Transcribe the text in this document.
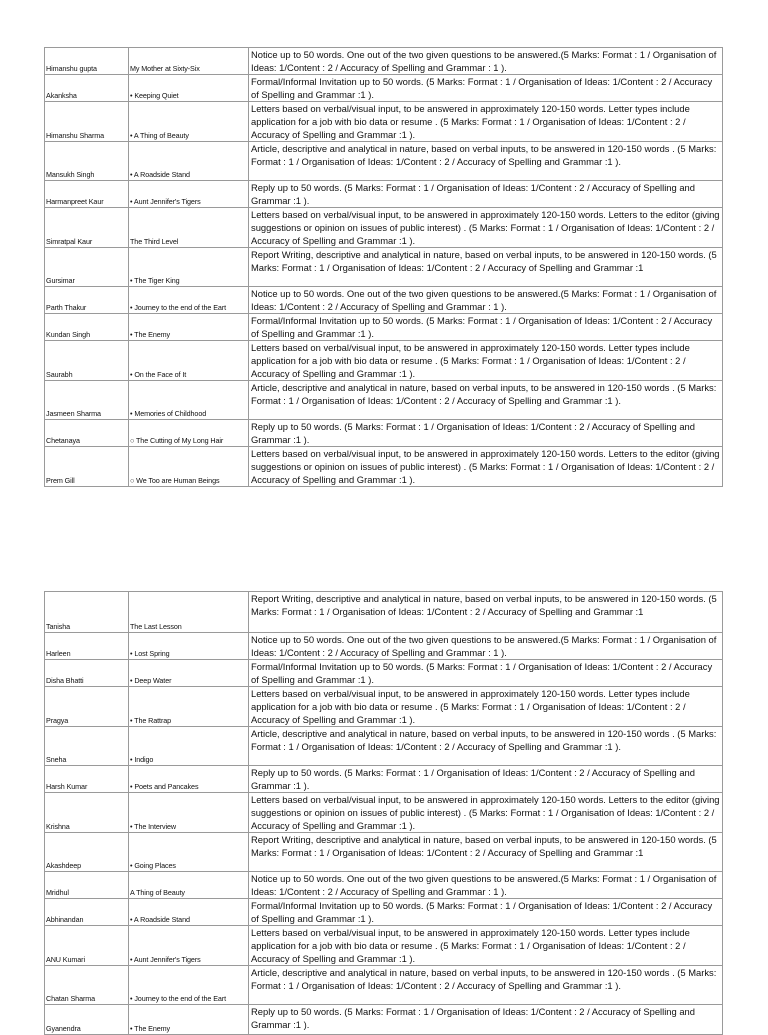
Himanshu gupta	My Mother at Sixty-Six	Notice up to 50 words. One out of the two given questions to be answered.(5 Marks: Format : 1 / Organisation of Ideas: 1/Content : 2 / Accuracy of Spelling and Grammar : 1 ).
Akanksha	• Keeping Quiet	Formal/Informal Invitation up to 50 words. (5 Marks: Format : 1 / Organisation of Ideas: 1/Content : 2 / Accuracy of Spelling and Grammar :1 ).
Himanshu Sharma	• A Thing of Beauty	Letters based on verbal/visual input, to be answered in approximately 120-150 words. Letter types include application for a job with bio data or resume . (5 Marks: Format : 1 / Organisation of Ideas: 1/Content : 2 / Accuracy of Spelling and Grammar :1 ).
Mansukh Singh	• A Roadside Stand	Article, descriptive and analytical in nature, based on verbal inputs, to be answered in 120-150 words . (5 Marks: Format : 1 / Organisation of Ideas: 1/Content : 2 / Accuracy of Spelling and Grammar :1 ).
Harmanpreet Kaur	• Aunt Jennifer's Tigers	Reply up to 50 words. (5 Marks: Format : 1 / Organisation of Ideas: 1/Content : 2 / Accuracy of Spelling and Grammar :1 ).
Simratpal Kaur	The Third Level	Letters based on verbal/visual input, to be answered in approximately 120-150 words. Letters to the editor (giving suggestions or opinion on issues of public interest) . (5 Marks: Format : 1 / Organisation of Ideas: 1/Content : 2 / Accuracy of Spelling and Grammar :1 ).
Gursimar	• The Tiger King	Report Writing, descriptive and analytical in nature, based on verbal inputs, to be answered in 120-150 words. (5 Marks: Format : 1 / Organisation of Ideas: 1/Content : 2 / Accuracy of Spelling and Grammar :1
Parth Thakur	• Journey to the end of the Eart	Notice up to 50 words. One out of the two given questions to be answered.(5 Marks: Format : 1 / Organisation of Ideas: 1/Content : 2 / Accuracy of Spelling and Grammar : 1 ).
Kundan Singh	• The Enemy	Formal/Informal Invitation up to 50 words. (5 Marks: Format : 1 / Organisation of Ideas: 1/Content : 2 / Accuracy of Spelling and Grammar :1 ).
Saurabh	• On the Face of It	Letters based on verbal/visual input, to be answered in approximately 120-150 words. Letter types include application for a job with bio data or resume . (5 Marks: Format : 1 / Organisation of Ideas: 1/Content : 2 / Accuracy of Spelling and Grammar :1 ).
Jasmeen Sharma	• Memories of Childhood	Article, descriptive and analytical in nature, based on verbal inputs, to be answered in 120-150 words . (5 Marks: Format : 1 / Organisation of Ideas: 1/Content : 2 / Accuracy of Spelling and Grammar :1 ).
Chetanaya	○ The Cutting of My Long Hair	Reply up to 50 words. (5 Marks: Format : 1 / Organisation of Ideas: 1/Content : 2 / Accuracy of Spelling and Grammar :1 ).
Prem Gill	○ We Too are Human Beings	Letters based on verbal/visual input, to be answered in approximately 120-150 words. Letters to the editor (giving suggestions or opinion on issues of public interest) . (5 Marks: Format : 1 / Organisation of Ideas: 1/Content : 2 / Accuracy of Spelling and Grammar :1 ).
Tanisha	The Last Lesson	Report Writing, descriptive and analytical in nature, based on verbal inputs, to be answered in 120-150 words. (5 Marks: Format : 1 / Organisation of Ideas: 1/Content : 2 / Accuracy of Spelling and Grammar :1
Harleen	• Lost Spring	Notice up to 50 words. One out of the two given questions to be answered.(5 Marks: Format : 1 / Organisation of Ideas: 1/Content : 2 / Accuracy of Spelling and Grammar : 1 ).
Disha Bhatti	• Deep Water	Formal/Informal Invitation up to 50 words. (5 Marks: Format : 1 / Organisation of Ideas: 1/Content : 2 / Accuracy of Spelling and Grammar :1 ).
Pragya	• The Rattrap	Letters based on verbal/visual input, to be answered in approximately 120-150 words. Letter types include application for a job with bio data or resume . (5 Marks: Format : 1 / Organisation of Ideas: 1/Content : 2 / Accuracy of Spelling and Grammar :1 ).
Sneha	• Indigo	Article, descriptive and analytical in nature, based on verbal inputs, to be answered in 120-150 words . (5 Marks: Format : 1 / Organisation of Ideas: 1/Content : 2 / Accuracy of Spelling and Grammar :1 ).
Harsh Kumar	• Poets and Pancakes	Reply up to 50 words. (5 Marks: Format : 1 / Organisation of Ideas: 1/Content : 2 / Accuracy of Spelling and Grammar :1 ).
Krishna	• The Interview	Letters based on verbal/visual input, to be answered in approximately 120-150 words. Letters to the editor (giving suggestions or opinion on issues of public interest) . (5 Marks: Format : 1 / Organisation of Ideas: 1/Content : 2 / Accuracy of Spelling and Grammar :1 ).
Akashdeep	• Going Places	Report Writing, descriptive and analytical in nature, based on verbal inputs, to be answered in 120-150 words. (5 Marks: Format : 1 / Organisation of Ideas: 1/Content : 2 / Accuracy of Spelling and Grammar :1
Mridhul	A Thing of Beauty	Notice up to 50 words. One out of the two given questions to be answered.(5 Marks: Format : 1 / Organisation of Ideas: 1/Content : 2 / Accuracy of Spelling and Grammar : 1 ).
Abhinandan	• A Roadside Stand	Formal/Informal Invitation up to 50 words. (5 Marks: Format : 1 / Organisation of Ideas: 1/Content : 2 / Accuracy of Spelling and Grammar :1 ).
ANU Kumari	• Aunt Jennifer's Tigers	Letters based on verbal/visual input, to be answered in approximately 120-150 words. Letter types include application for a job with bio data or resume . (5 Marks: Format : 1 / Organisation of Ideas: 1/Content : 2 / Accuracy of Spelling and Grammar :1 ).
Chatan Sharma	• Journey to the end of the Eart	Article, descriptive and analytical in nature, based on verbal inputs, to be answered in 120-150 words . (5 Marks: Format : 1 / Organisation of Ideas: 1/Content : 2 / Accuracy of Spelling and Grammar :1 ).
Gyanendra	• The Enemy	Reply up to 50 words. (5 Marks: Format : 1 / Organisation of Ideas: 1/Content : 2 / Accuracy of Spelling and Grammar :1 ).
